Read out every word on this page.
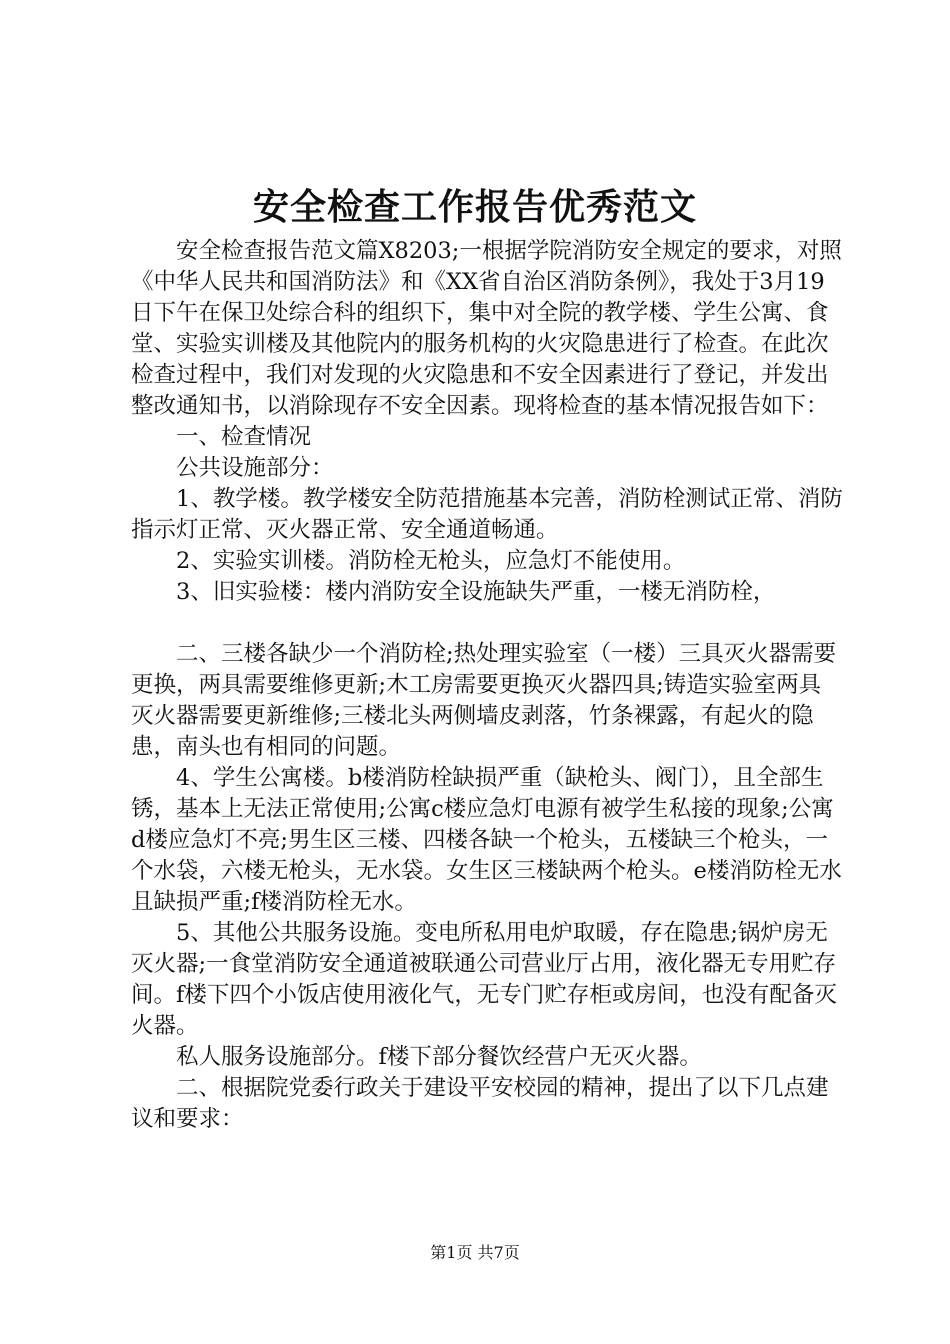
安全检查工作报告优秀范文

安全检查报告范文篇X8203;一根据学院消防安全规定的要求，对照《中华人民共和国消防法》和《XX省自治区消防条例》，我处于3月19日下午在保卫处综合科的组织下，集中对全院的教学楼、学生公寓、食堂、实验实训楼及其他院内的服务机构的火灾隐患进行了检查。在此次检查过程中，我们对发现的火灾隐患和不安全因素进行了登记，并发出整改通知书，以消除现存不安全因素。现将检查的基本情况报告如下：

一、检查情况

公共设施部分：

1、教学楼。教学楼安全防范措施基本完善，消防栓测试正常、消防指示灯正常、灭火器正常、安全通道畅通。

2、实验实训楼。消防栓无枪头，应急灯不能使用。

3、旧实验楼：楼内消防安全设施缺失严重，一楼无消防栓，

二、三楼各缺少一个消防栓;热处理实验室（一楼）三具灭火器需要更换，两具需要维修更新;木工房需要更换灭火器四具;铸造实验室两具灭火器需要更新维修;三楼北头两侧墙皮剥落，竹条裸露，有起火的隐患，南头也有相同的问题。

4、学生公寓楼。b楼消防栓缺损严重（缺枪头、阀门），且全部生锈，基本上无法正常使用;公寓c楼应急灯电源有被学生私接的现象;公寓d楼应急灯不亮;男生区三楼、四楼各缺一个枪头，五楼缺三个枪头，一个水袋，六楼无枪头，无水袋。女生区三楼缺两个枪头。e楼消防栓无水且缺损严重;f楼消防栓无水。

5、其他公共服务设施。变电所私用电炉取暖，存在隐患;锅炉房无灭火器;一食堂消防安全通道被联通公司营业厅占用，液化器无专用贮存间。f楼下四个小饭店使用液化气，无专门贮存柜或房间，也没有配备灭火器。

私人服务设施部分。f楼下部分餐饮经营户无灭火器。

二、根据院党委行政关于建设平安校园的精神，提出了以下几点建议和要求：

第1页 共7页
